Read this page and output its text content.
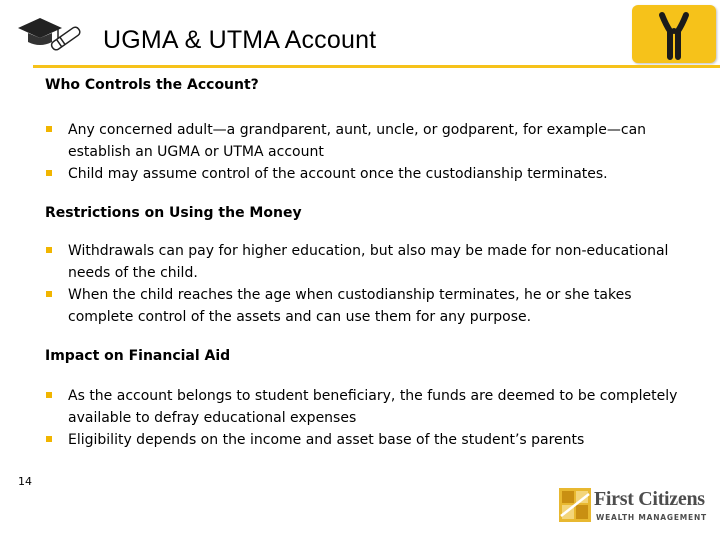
UGMA & UTMA Account
Who Controls the Account?
Any concerned adult—a grandparent, aunt, uncle, or godparent, for example—can establish an UGMA or UTMA account
Child may assume control of the account once the custodianship terminates.
Restrictions on Using the Money
Withdrawals can pay for higher education, but also may be made for non-educational needs of the child.
When the child reaches the age when custodianship terminates, he or she takes complete control of the assets and can use them for any purpose.
Impact on Financial Aid
As the account belongs to student beneficiary, the funds are deemed to be completely available to defray educational expenses
Eligibility depends on the income and asset base of the student’s parents
14
First Citizens
WEALTH MANAGEMENT
